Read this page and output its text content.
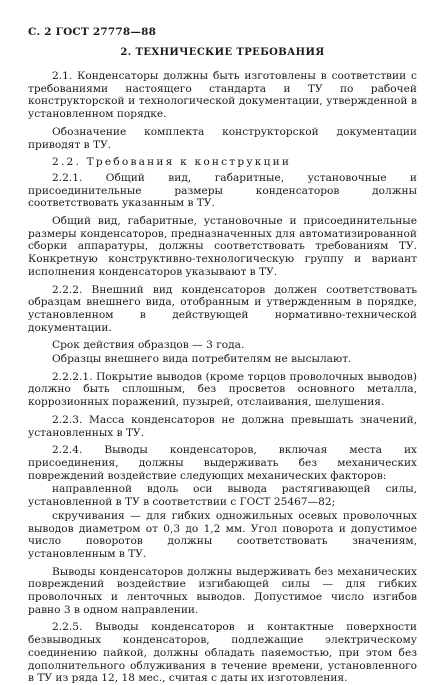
С. 2 ГОСТ 27778—88
2. ТЕХНИЧЕСКИЕ ТРЕБОВАНИЯ

2.1. Конденсаторы должны быть изготовлены в соответствии с требованиями настоящего стандарта и ТУ по рабочей конструкторской и технологической документации, утвержденной в установленном порядке.

Обозначение комплекта конструкторской документации приводят в ТУ.

2.2. Требования к конструкции

2.2.1. Общий вид, габаритные, установочные и присоединительные размеры конденсаторов должны соответствовать указанным в ТУ.

Общий вид, габаритные, установочные и присоединительные размеры конденсаторов, предназначенных для автоматизированной сборки аппаратуры, должны соответствовать требованиям ТУ. Конкретную конструктивно-технологическую группу и вариант исполнения конденсаторов указывают в ТУ.

2.2.2. Внешний вид конденсаторов должен соответствовать образцам внешнего вида, отобранным и утвержденным в порядке, установленном в действующей нормативно-технической документации.

Срок действия образцов — 3 года.

Образцы внешнего вида потребителям не высылают.

2.2.2.1. Покрытие выводов (кроме торцов проволочных выводов) должно быть сплошным, без просветов основного металла, коррозионных поражений, пузырей, отслаивания, шелушения.

2.2.3. Масса конденсаторов не должна превышать значений, установленных в ТУ.

2.2.4. Выводы конденсаторов, включая места их присоединения, должны выдерживать без механических повреждений воздействие следующих механических факторов:

направленной вдоль оси вывода растягивающей силы, установленной в ТУ в соответствии с ГОСТ 25467—82;

скручивания — для гибких одножильных осевых проволочных выводов диаметром от 0,3 до 1,2 мм. Угол поворота и допустимое число поворотов должны соответствовать значениям, установленным в ТУ.

Выводы конденсаторов должны выдерживать без механических повреждений воздействие изгибающей силы — для гибких проволочных и ленточных выводов. Допустимое число изгибов равно 3 в одном направлении.

2.2.5. Выводы конденсаторов и контактные поверхности безвыводных конденсаторов, подлежащие электрическому соединению пайкой, должны обладать паяемостью, при этом без дополнительного облуживания в течение времени, установленного в ТУ из ряда 12, 18 мес., считая с даты их изготовления.
